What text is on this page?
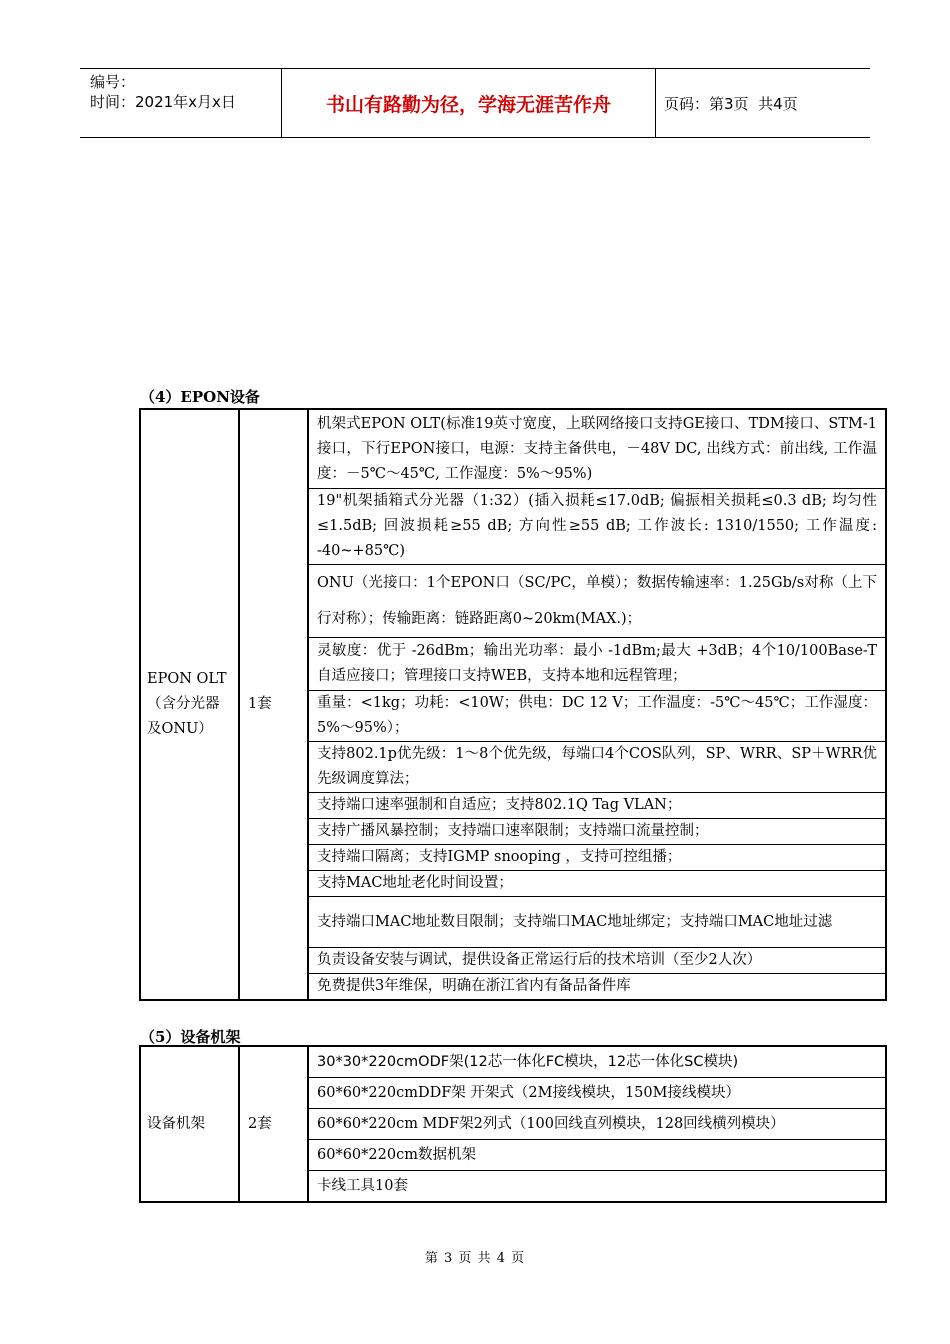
编号：
时间：2021年x月x日	书山有路勤为径，学海无涯苦作舟	页码：第3页  共4页
（4）EPON设备
EPON OLT（含分光器及ONU）	1套	机架式EPON OLT(标准19英寸宽度，上联网络接口支持GE接口、TDM接口、STM-1接口，下行EPON接口，电源：支持主备供电，－48V DC, 出线方式：前出线, 工作温度：－5℃～45℃, 工作湿度：5%～95%)
19"机架插箱式分光器（1:32）(插入损耗≤17.0dB; 偏振相关损耗≤0.3 dB; 均匀性≤1.5dB; 回波损耗≥55 dB; 方向性≥55 dB; 工作波长: 1310/1550; 工作温度: -40~+85℃)
ONU（光接口：1个EPON口（SC/PC，单模）；数据传输速率：1.25Gb/s对称（上下行对称）；传输距离：链路距离0~20km(MAX.)；
灵敏度：优于 -26dBm；输出光功率：最小 -1dBm;最大 +3dB；4个10/100Base-T自适应接口；管理接口支持WEB，支持本地和远程管理；
重量：<1kg；功耗：<10W；供电：DC 12 V；工作温度：-5℃～45℃；工作湿度：5%～95%）；
支持802.1p优先级：1～8个优先级，每端口4个COS队列，SP、WRR、SP＋WRR优先级调度算法；
支持端口速率强制和自适应；支持802.1Q Tag VLAN；
支持广播风暴控制；支持端口速率限制；支持端口流量控制；
支持端口隔离；支持IGMP snooping ，支持可控组播；
支持MAC地址老化时间设置；
支持端口MAC地址数目限制；支持端口MAC地址绑定；支持端口MAC地址过滤
负责设备安装与调试，提供设备正常运行后的技术培训（至少2人次）
免费提供3年维保，明确在浙江省内有备品备件库
（5）设备机架
设备机架	2套	30*30*220cmODF架(12芯一体化FC模块，12芯一体化SC模块)
60*60*220cmDDF架 开架式（2M接线模块，150M接线模块）
60*60*220cm MDF架2列式（100回线直列模块，128回线横列模块）
60*60*220cm数据机架
卡线工具10套
第 3 页 共 4 页
